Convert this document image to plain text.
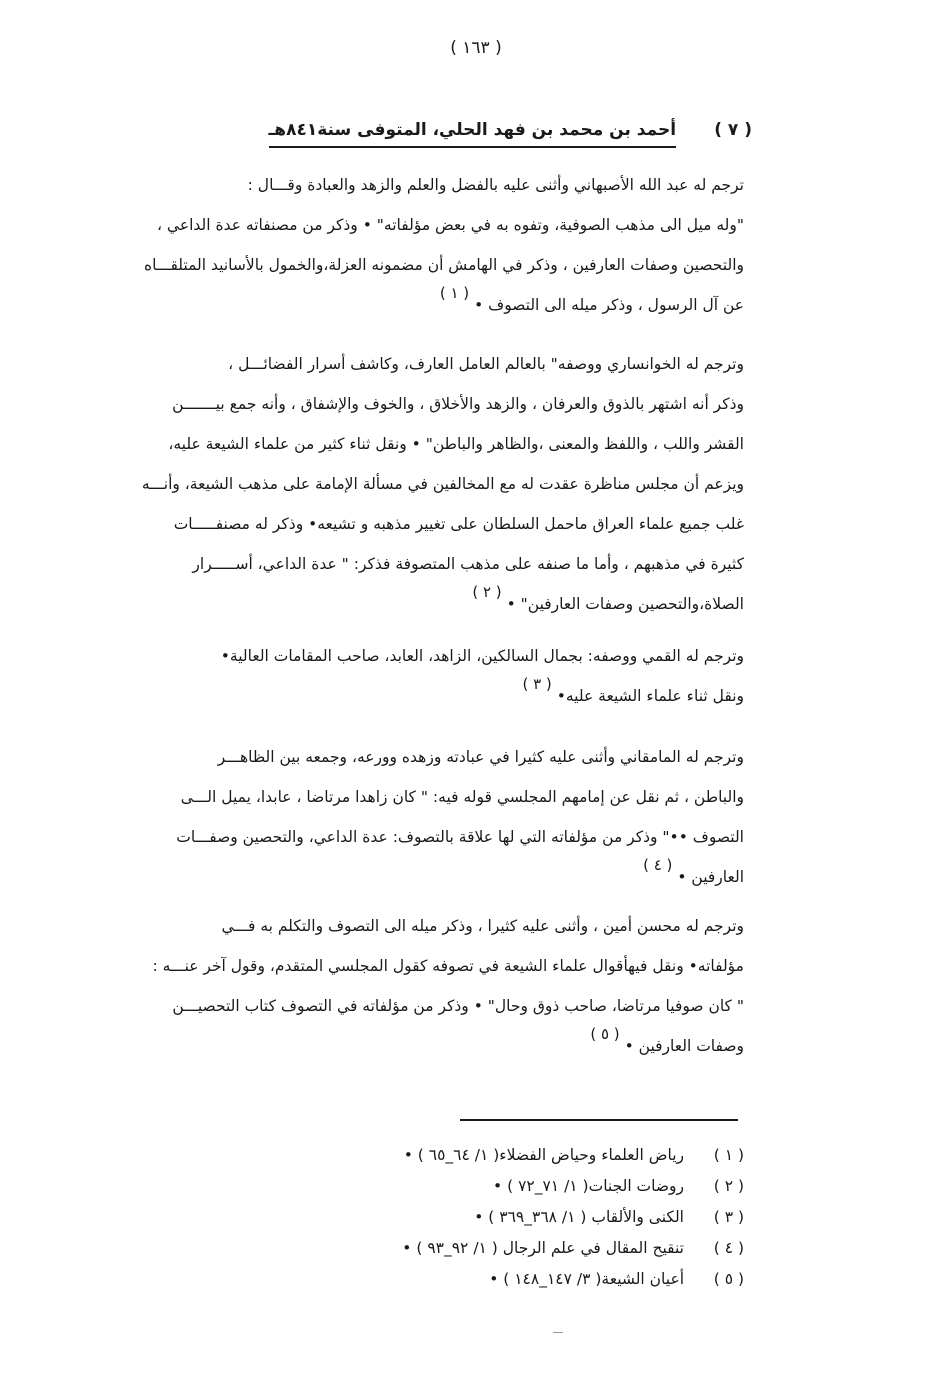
( ١٦٣ )
( ٧ ) أحمد بن محمد بن فهد الحلي، المتوفى سنة٨٤١هـ

ترجم له عبد الله الأصبهاني وأثنى عليه بالفضل والعلم والزهد والعبادة وقـــال :

"وله ميل الى مذهب الصوفية، وتفوه به في بعض مؤلفاته" • وذكر من مصنفاته عدة الداعي ،

والتحصين وصفات العارفين ، وذكر في الهامش أن مضمونه العزلة،والخمول بالأسانيد المتلقـــاه

عن آل الرسول ، وذكر ميله الى التصوف • ( ١ )

وترجم له الخوانساري ووصفه" بالعالم العامل العارف، وكاشف أسرار الفضائـــل ،

وذكر أنه اشتهر بالذوق والعرفان ، والزهد والأخلاق ، والخوف والإشفاق ، وأنه جمع بيـــــــن

القشر واللب ، واللفظ والمعنى ،والظاهر والباطن" • ونقل ثناء كثير من علماء الشيعة عليه،

ويزعم أن مجلس مناظرة عقدت له مع المخالفين في مسألة الإمامة على مذهب الشيعة، وأنـــه

غلب جميع علماء العراق ماحمل السلطان على تغيير مذهبه و تشيعه• وذكر له مصنفـــــات

كثيرة في مذهبهم ، وأما ما صنفه على مذهب المتصوفة فذكر: " عدة الداعي، أســـــرار

الصلاة،والتحصين وصفات العارفين" • ( ٢ )

وترجم له القمي ووصفه: بجمال السالكين، الزاهد، العابد، صاحب المقامات العالية•

ونقل ثناء علماء الشيعة عليه• ( ٣ )

وترجم له المامقاني وأثنى عليه كثيرا في عبادته وزهده وورعه، وجمعه بين الظاهـــر

والباطن ، ثم نقل عن إمامهم المجلسي قوله فيه: " كان زاهدا مرتاضا ، عابدا، يميل الـــى

التصوف ••" وذكر من مؤلفاته التي لها علاقة بالتصوف: عدة الداعي، والتحصين وصفـــات

العارفين • ( ٤ )

وترجم له محسن أمين ، وأثنى عليه كثيرا ، وذكر ميله الى التصوف والتكلم به فـــي

مؤلفاته• ونقل فيهأقوال علماء الشيعة في تصوفه كقول المجلسي المتقدم، وقول آخر عنـــه :

" كان صوفيا مرتاضا، صاحب ذوق وحال" • وذكر من مؤلفاته في التصوف كتاب التحصيـــن

وصفات العارفين • ( ٥ )

( ١ )رياض العلماء وحياض الفضلاء( ١/ ٦٤_٦٥ ) •
( ٢ )روضات الجنات( ١/ ٧١_٧٢ ) •
( ٣ )الكنى والألقاب ( ١/ ٣٦٨_٣٦٩ ) •
( ٤ )تنقيح المقال في علم الرجال ( ١/ ٩٢_٩٣ ) •
( ٥ )أعيان الشيعة( ٣/ ١٤٧_١٤٨ ) •
